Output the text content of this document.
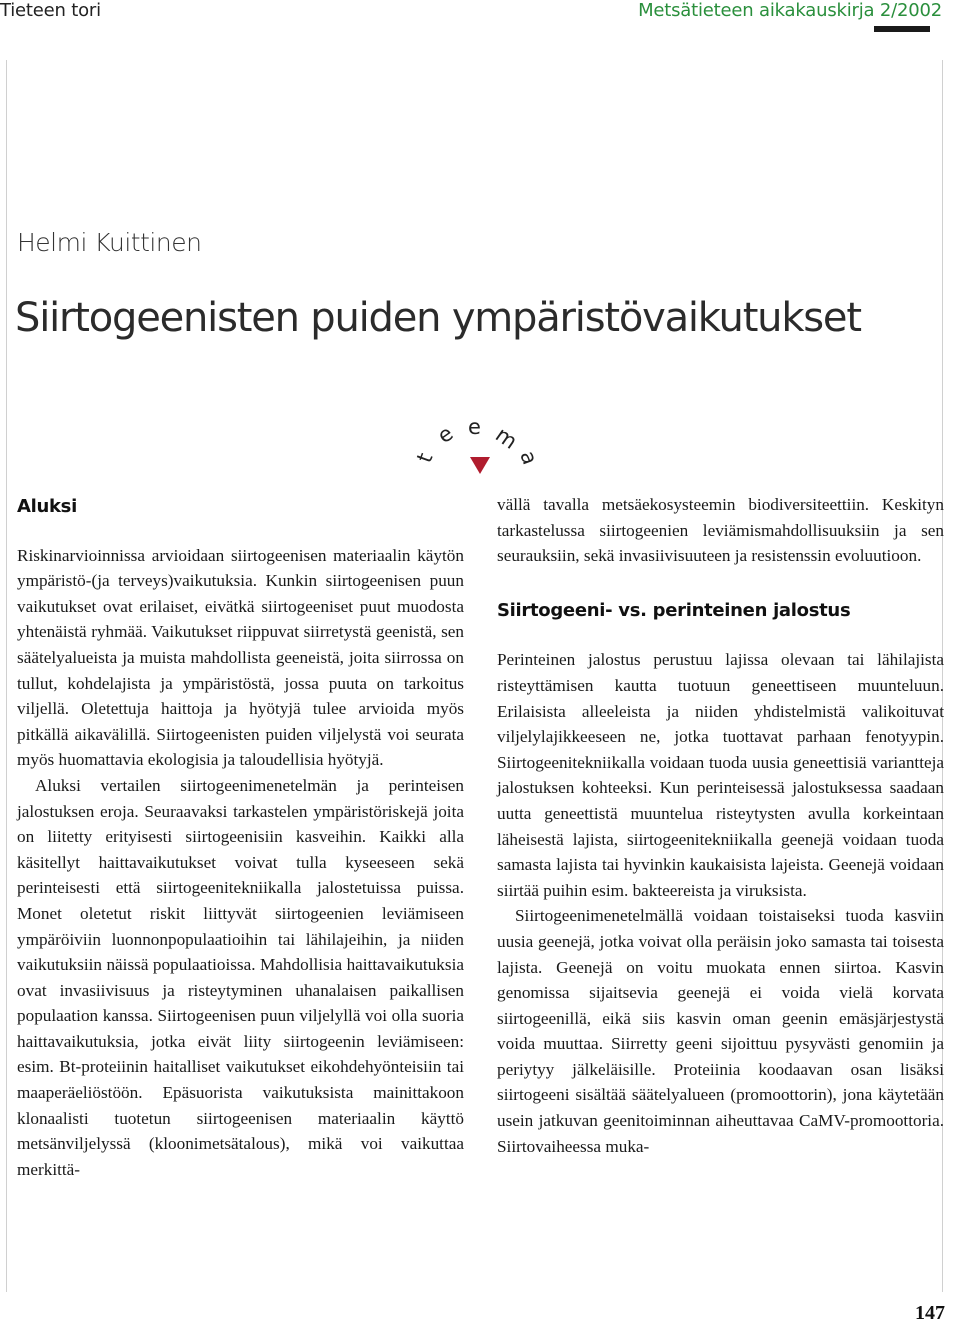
Tieteen tori	Metsätieteen aikakauskirja 2/2002
Helmi Kuittinen
Siirtogeenisten puiden ympäristövaikutukset
t
e e m
a
Aluksi

Riskinarvioinnissa arvioidaan siirtogeenisen materiaalin käytön ympäristö-(ja terveys)vaikutuksia. Kunkin siirtogeenisen puun vaikutukset ovat erilaiset, eivätkä siirtogeeniset puut muodosta yhtenäistä ryhmää. Vaikutukset riippuvat siirretystä geenistä, sen säätelyalueista ja muista mahdollista geeneistä, joita siirrossa on tullut, kohdelajista ja ympäristöstä, jossa puuta on tarkoitus viljellä. Oletettuja haittoja ja hyötyjä tulee arvioida myös pitkällä aikavälillä. Siirtogeenisten puiden viljelystä voi seurata myös huomattavia ekologisia ja taloudellisia hyötyjä.

Aluksi vertailen siirtogeenimenetelmän ja perinteisen jalostuksen eroja. Seuraavaksi tarkastelen ympäristöriskejä joita on liitetty erityisesti siirtogeenisiin kasveihin. Kaikki alla käsitellyt haittavaikutukset voivat tulla kyseeseen sekä perinteisesti että siirtogeenitekniikalla jalostetuissa puissa. Monet oletetut riskit liittyvät siirtogeenien leviämiseen ympäröiviin luonnonpopulaatioihin tai lähilajeihin, ja niiden vaikutuksiin näissä populaatioissa. Mahdollisia haittavaikutuksia ovat invasiivisuus ja risteytyminen uhanalaisen paikallisen populaation kanssa. Siirtogeenisen puun viljelyllä voi olla suoria haittavaikutuksia, jotka eivät liity siirtogeenin leviämiseen: esim. Bt-proteiinin haitalliset vaikutukset eikohdehyönteisiin tai maaperäeliöstöön. Epäsuorista vaikutuksista mainittakoon klonaalisti tuotetun siirtogeenisen materiaalin käyttö metsänviljelyssä (kloonimetsätalous), mikä voi vaikuttaa merkittä-

vällä tavalla metsäekosysteemin biodiversiteettiin. Keskityn tarkastelussa siirtogeenien leviämismahdollisuuksiin ja sen seurauksiin, sekä invasiivisuuteen ja resistenssin evoluutioon.

Siirtogeeni- vs. perinteinen jalostus

Perinteinen jalostus perustuu lajissa olevaan tai lähilajista risteyttämisen kautta tuotuun geneettiseen muunteluun. Erilaisista alleeleista ja niiden yhdistelmistä valikoituvat viljelylajikkeeseen ne, jotka tuottavat parhaan fenotyypin. Siirtogeenitekniikalla voidaan tuoda uusia geneettisiä variantteja jalostuksen kohteeksi. Kun perinteisessä jalostuksessa saadaan uutta geneettistä muuntelua risteytysten avulla korkeintaan läheisestä lajista, siirtogeenitekniikalla geenejä voidaan tuoda samasta lajista tai hyvinkin kaukaisista lajeista. Geenejä voidaan siirtää puihin esim. bakteereista ja viruksista.

Siirtogeenimenetelmällä voidaan toistaiseksi tuoda kasviin uusia geenejä, jotka voivat olla peräisin joko samasta tai toisesta lajista. Geenejä on voitu muokata ennen siirtoa. Kasvin genomissa sijaitsevia geenejä ei voida vielä korvata siirtogeenillä, eikä siis kasvin oman geenin emäsjärjestystä voida muuttaa. Siirretty geeni sijoittuu pysyvästi genomiin ja periytyy jälkeläisille. Proteiinia koodaavan osan lisäksi siirtogeeni sisältää säätelyalueen (promoottorin), jona käytetään usein jatkuvan geenitoiminnan aiheuttavaa CaMV-promoottoria. Siirtovaiheessa muka-

147
